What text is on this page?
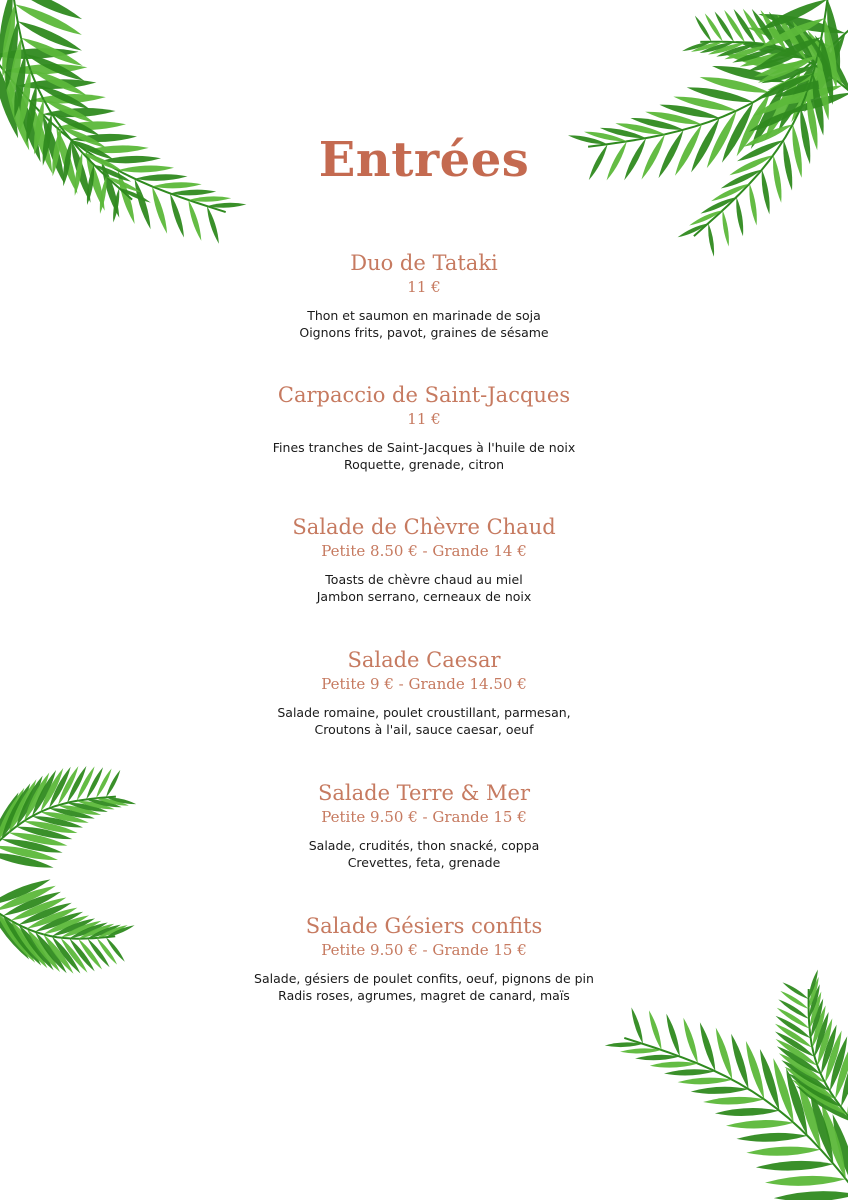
Entrées
Duo de Tataki
11 €
Thon et saumon en marinade de soja
Oignons frits, pavot, graines de sésame
Carpaccio de Saint-Jacques
11 €
Fines tranches de Saint-Jacques à l'huile de noix
Roquette, grenade, citron
Salade de Chèvre Chaud
Petite 8.50 € - Grande 14 €
Toasts de chèvre chaud au miel
Jambon serrano, cerneaux de noix
Salade Caesar
Petite 9 € - Grande 14.50 €
Salade romaine, poulet croustillant, parmesan,
Croutons à l'ail, sauce caesar, oeuf
Salade Terre & Mer
Petite 9.50 € - Grande 15 €
Salade, crudités, thon snacké, coppa
Crevettes, feta, grenade
Salade Gésiers confits
Petite 9.50 € - Grande 15 €
Salade, gésiers de poulet confits, oeuf, pignons de pin
Radis roses, agrumes, magret de canard, maïs
